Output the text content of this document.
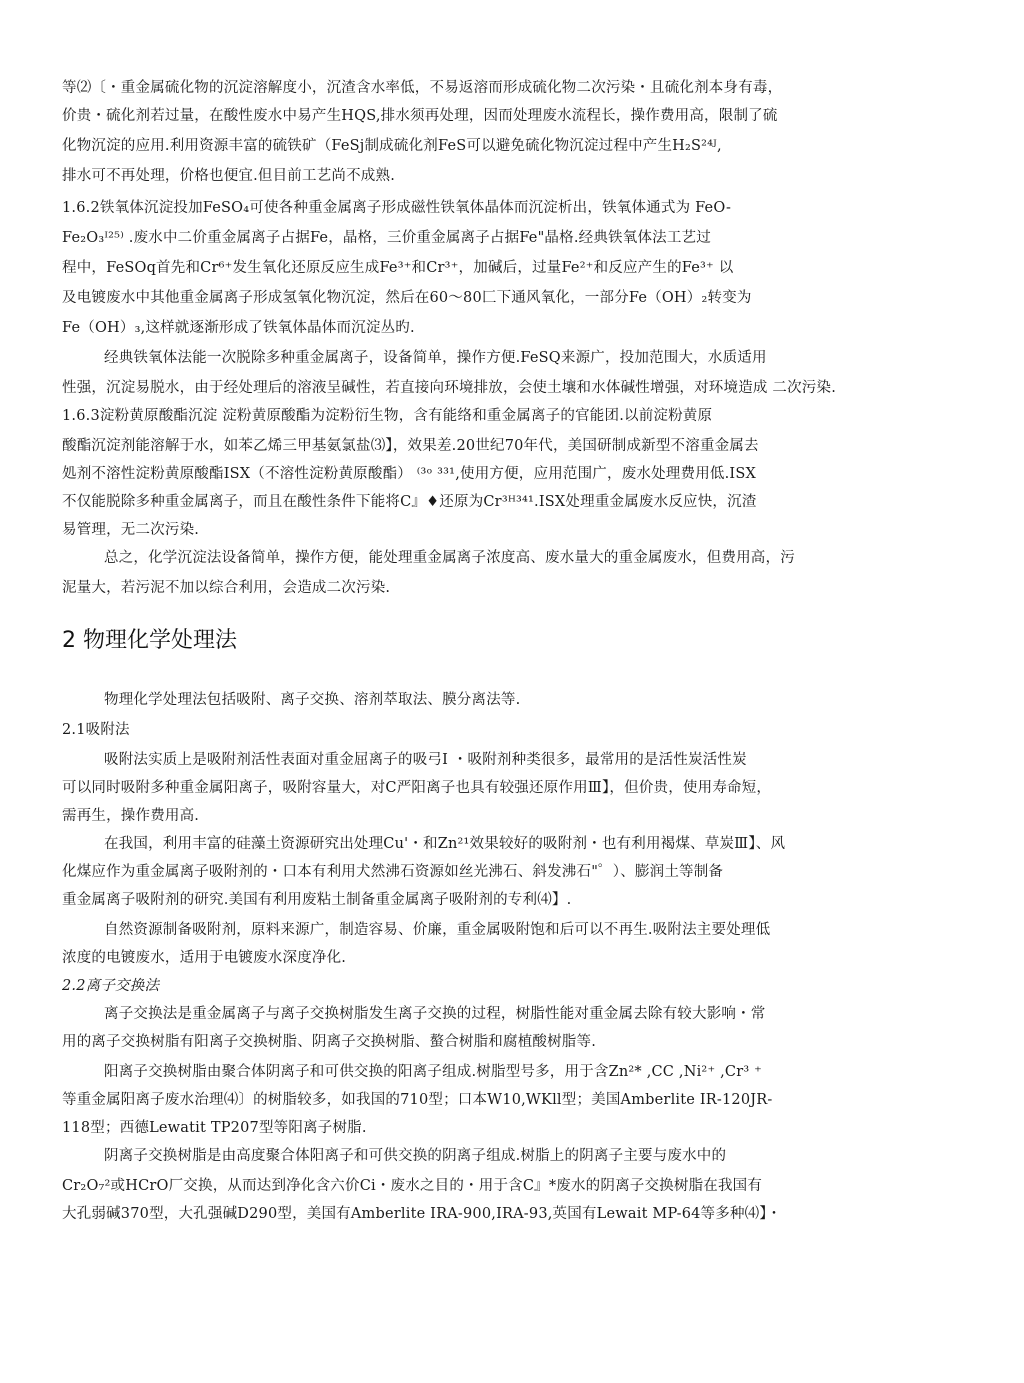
等⑵〔・重金属硫化物的沉淀溶解度小，沉渣含水率低，不易返溶而形成硫化物二次污染・且硫化剂本身有毒，
价贵・硫化剂若过量，在酸性废水中易产生HQS,排水须再处理，因而处理废水流程长，操作费用高，限制了硫
化物沉淀的应用.利用资源丰富的硫铁矿（FeSj制成硫化剂FeS可以避免硫化物沉淀过程中产生H₂S²⁴ᴶ,
排水可不再处理，价格也便宜.但目前工艺尚不成熟.
1.6.2铁氧体沉淀投加FeSO₄可使各种重金属离子形成磁性铁氧体晶体而沉淀析出，铁氧体通式为 FeO-
Fe₂O₃ᴵ²⁵⁾ .废水中二价重金属离子占据Fe，晶格，三价重金属离子占据Fe"晶格.经典铁氧体法工艺过
程中，FeSOq首先和Cr⁶⁺发生氧化还原反应生成Fe³⁺和Cr³⁺，加碱后，过量Fe²⁺和反应产生的Fe³⁺ 以
及电镀废水中其他重金属离子形成氢氧化物沉淀，然后在60～80匚下通风氧化，一部分Fe（OH）₂转变为
Fe（OH）₃,这样就逐渐形成了铁氧体晶体而沉淀丛旳.
经典铁氧体法能一次脱除多种重金属离子，设备简单，操作方便.FeSQ来源广，投加范围大，水质适用
性强，沉淀易脱水，由于经处理后的溶液呈碱性，若直接向环境排放，会使土壤和水体碱性增强，对环境造成 二次污染.
1.6.3淀粉黄原酸酯沉淀 淀粉黄原酸酯为淀粉衍生物，含有能络和重金属离子的官能团.以前淀粉黄原
酸酯沉淀剂能溶解于水，如苯乙烯三甲基氨氯盐⑶】，效果差.20世纪70年代，美国研制成新型不溶重金属去
処剂不溶性淀粉黄原酸酯ISX（不溶性淀粉黄原酸酯） ⁽³ᵒ ³³¹,使用方便，应用范围广，废水处理费用低.ISX
不仅能脱除多种重金属离子，而且在酸性条件下能将C』♦还原为Cr³ᴴ³⁴¹.ISX处理重金属废水反应快，沉渣
易管理，无二次污染.
总之，化学沉淀法设备简单，操作方便，能处理重金属离子浓度高、废水量大的重金属废水，但费用高，污
泥量大，若污泥不加以综合利用，会造成二次污染.
2 物理化学处理法
物理化学处理法包括吸附、离子交换、溶剂萃取法、膜分离法等.
2.1吸附法
吸附法实质上是吸附剂活性表面对重金屈离子的吸弓I ・吸附剂种类很多，最常用的是活性炭活性炭
可以同时吸附多种重金属阳离子，吸附容量大，对C严阳离子也具有较强还原作用Ⅲ】，但价贵，使用寿命短，
需再生，操作费用高.
在我国，利用丰富的硅藻土资源研究出处理Cu'・和Zn²¹效果较好的吸附剂・也有利用褐煤、草炭Ⅲ】、风
化煤应作为重金属离子吸附剂的・口本有利用犬然沸石资源如丝光沸石、斜发沸石"゜）、膨润土等制备
重金属离子吸附剂的研究.美国有利用废粘土制备重金属离子吸附剂的专利⑷】.
自然资源制备吸附剂，原料来源广，制造容易、价廉，重金属吸附饱和后可以不再生.吸附法主要处理低
浓度的电镀废水，适用于电镀废水深度净化.
2.2离子交换法
离子交换法是重金属离子与离子交换树脂发生离子交换的过程，树脂性能对重金属去除有较大影响・常
用的离子交换树脂有阳离子交换树脂、阴离子交换树脂、螯合树脂和腐植酸树脂等.
阳离子交换树脂由聚合体阴离子和可供交换的阳离子组成.树脂型号多，用于含Zn²* ,CC ,Ni²⁺ ,Cr³ ⁺
等重金属阳离子废水治理⑷〕的树脂较多，如我国的710型；口本W10,WKll型；美国Amberlite IR-120JR-
118型；西德Lewatit TP207型等阳离子树脂.
阴离子交换树脂是由高度聚合体阳离子和可供交换的阴离子组成.树脂上的阴离子主要与废水中的
Cr₂O₇²或HCrO厂交换，从而达到净化含六价Ci・废水之目的・用于含C』*废水的阴离子交换树脂在我国有
大孔弱碱370型，大孔强碱D290型，美国有Amberlite IRA-900,IRA-93,英国有Lewait MP-64等多种⑷】・
